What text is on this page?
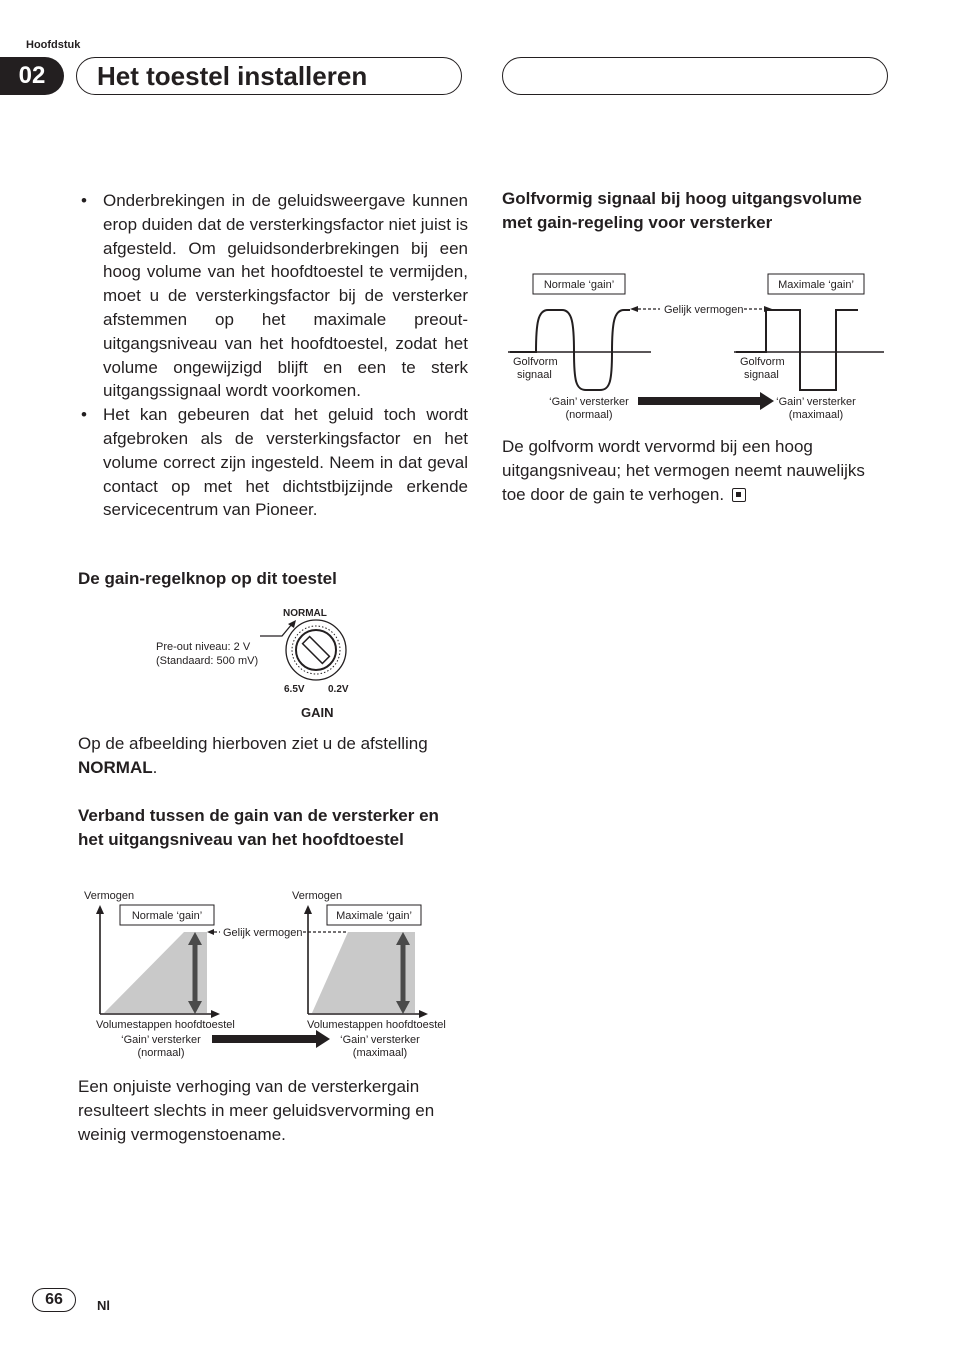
Hoofdstuk
02	Het toestel installeren
• Onderbrekingen in de geluidsweergave kunnen erop duiden dat de versterkingsfactor niet juist is afgesteld. Om geluidsonderbrekingen bij een hoog volume van het hoofdtoestel te vermijden, moet u de versterkingsfactor bij de versterker afstemmen op het maximale preout-uitgangsniveau van het hoofdtoestel, zodat het volume ongewijzigd blijft en een te sterk uitgangssignaal wordt voorkomen.
• Het kan gebeuren dat het geluid toch wordt afgebroken als de versterkingsfactor en het volume correct zijn ingesteld. Neem in dat geval contact op met het dichtstbijzijnde erkende servicecentrum van Pioneer.
De gain-regelknop op dit toestel
Pre-out niveau: 2 V
(Standaard: 500 mV)
NORMAL
6.5V 0.2V
GAIN
Op de afbeelding hierboven ziet u de afstelling NORMAL.
Verband tussen de gain van de versterker en het uitgangsniveau van het hoofdtoestel
Vermogen
Normale ‘gain’
Gelijk vermogen
Vermogen
Maximale ‘gain’
Volumestappen hoofdtoestel	Volumestappen hoofdtoestel
‘Gain’ versterker
(normaal)
‘Gain’ versterker
(maximaal)
Een onjuiste verhoging van de versterkergain resulteert slechts in meer geluidsvervorming en weinig vermogenstoename.
Golfvormig signaal bij hoog uitgangsvolume met gain-regeling voor versterker
Normale ‘gain’	Maximale ‘gain’
Gelijk vermogen
Golfvorm
signaal
Golfvorm
signaal
‘Gain’ versterker
(normaal)
‘Gain’ versterker
(maximaal)
De golfvorm wordt vervormd bij een hoog uitgangsniveau; het vermogen neemt nauwelijks toe door de gain te verhogen.
66	Nl
